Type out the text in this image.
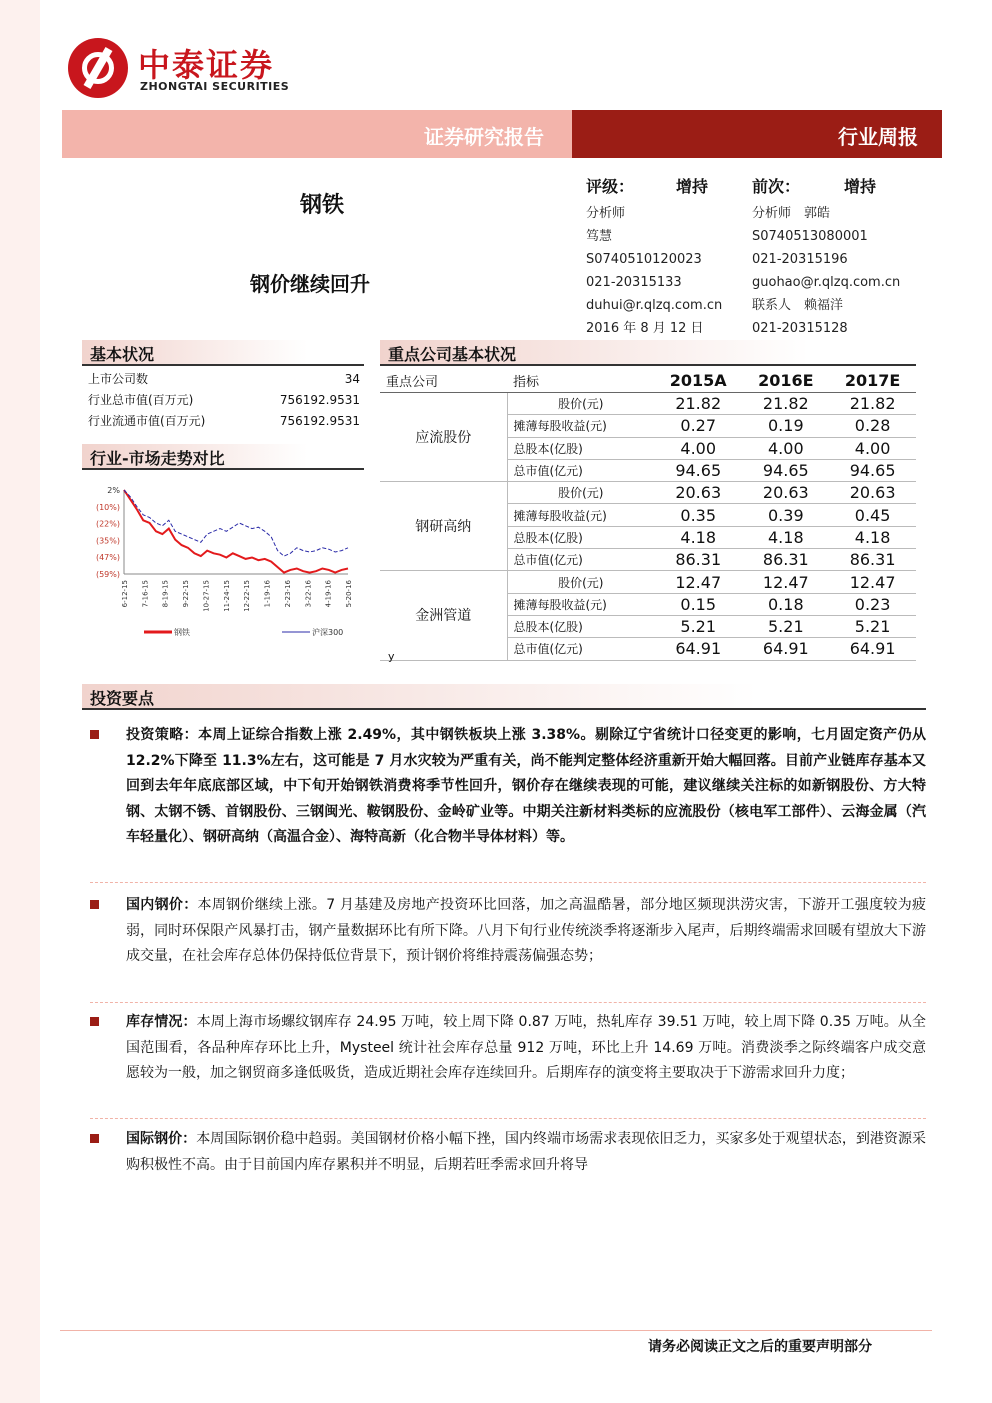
中泰证券
ZHONGTAI SECURITIES
证券研究报告	行业周报
钢铁
钢价继续回升
评级：	增持	前次：	增持
分析师
笃慧
S0740510120023
021-20315133
duhui@r.qlzq.com.cn
2016 年 8 月 12 日
分析师　郭皓
S0740513080001
021-20315196
guohao@r.qlzq.com.cn
联系人　赖福洋
021-20315128
基本状况
上市公司数	34
行业总市值(百万元)	756192.9531
行业流通市值(百万元)	756192.9531
行业-市场走势对比
2%
(10%)
(22%)
(35%)
(47%)
(59%)
6-12-15 7-16-15 8-19-15 9-22-15 10-27-15 11-24-15 12-22-15 1-19-16 2-23-16 3-22-16 4-19-16 5-20-16
钢铁	沪深300
重点公司基本状况
重点公司	指标	2015A	2016E	2017E
应流股份	股价(元)	21.82	21.82	21.82
	摊薄每股收益(元)	0.27	0.19	0.28
	总股本(亿股)	4.00	4.00	4.00
	总市值(亿元)	94.65	94.65	94.65
钢研高纳	股价(元)	20.63	20.63	20.63
	摊薄每股收益(元)	0.35	0.39	0.45
	总股本(亿股)	4.18	4.18	4.18
	总市值(亿元)	86.31	86.31	86.31
金洲管道	股价(元)	12.47	12.47	12.47
	摊薄每股收益(元)	0.15	0.18	0.23
	总股本(亿股)	5.21	5.21	5.21
	总市值(亿元)	64.91	64.91	64.91
y
投资要点
投资策略：本周上证综合指数上涨 2.49%，其中钢铁板块上涨 3.38%。剔除辽宁省统计口径变更的影响，七月固定资产仍从 12.2%下降至 11.3%左右，这可能是 7 月水灾较为严重有关，尚不能判定整体经济重新开始大幅回落。目前产业链库存基本又回到去年年底底部区域，中下旬开始钢铁消费将季节性回升，钢价存在继续表现的可能，建议继续关注标的如新钢股份、方大特钢、太钢不锈、首钢股份、三钢闽光、鞍钢股份、金岭矿业等。中期关注新材料类标的应流股份（核电军工部件）、云海金属（汽车轻量化）、钢研高纳（高温合金）、海特高新（化合物半导体材料）等。
国内钢价：本周钢价继续上涨。7 月基建及房地产投资环比回落，加之高温酷暑，部分地区频现洪涝灾害，下游开工强度较为疲弱，同时环保限产风暴打击，钢产量数据环比有所下降。八月下旬行业传统淡季将逐渐步入尾声，后期终端需求回暖有望放大下游成交量，在社会库存总体仍保持低位背景下，预计钢价将维持震荡偏强态势；
库存情况：本周上海市场螺纹钢库存 24.95 万吨，较上周下降 0.87 万吨，热轧库存 39.51 万吨，较上周下降 0.35 万吨。从全国范围看，各品种库存环比上升，Mysteel 统计社会库存总量 912 万吨，环比上升 14.69 万吨。消费淡季之际终端客户成交意愿较为一般，加之钢贸商多逢低吸货，造成近期社会库存连续回升。后期库存的演变将主要取决于下游需求回升力度；
国际钢价：本周国际钢价稳中趋弱。美国钢材价格小幅下挫，国内终端市场需求表现依旧乏力，买家多处于观望状态，到港资源采购积极性不高。由于目前国内库存累积并不明显，后期若旺季需求回升将导
请务必阅读正文之后的重要声明部分
